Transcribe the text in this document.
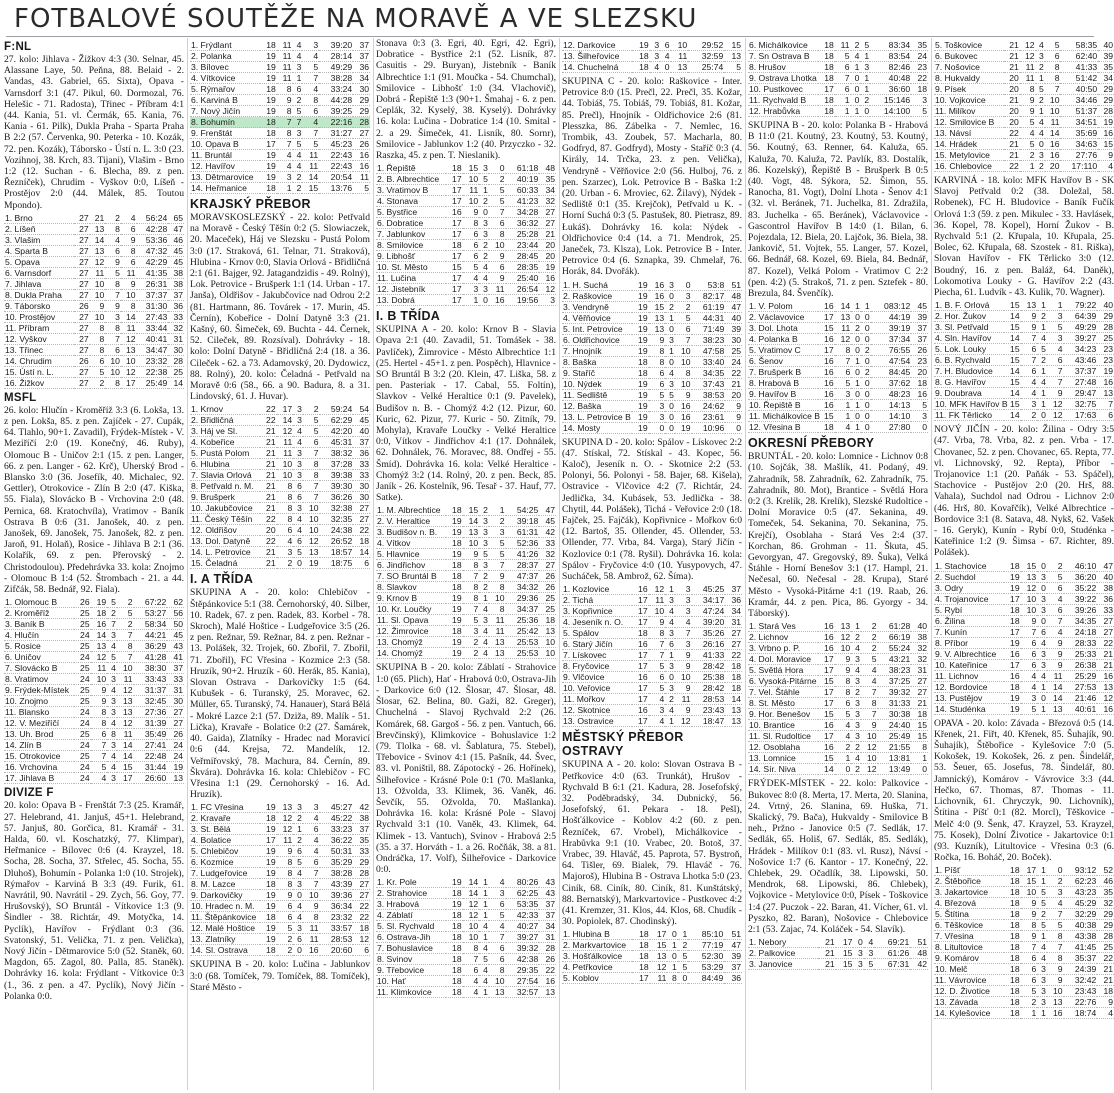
FOTBALOVÉ SOUTĚŽE NA MORAVĚ A VE SLEZSKU
F:NL

27. kolo: Jihlava - Žižkov 4:3 (30. Selnar, 45. Alassane Laye, 50. Peňna, 88. Belaid - 2. Vandas, 43. Gabriel, 65. Sixta), Opava - Varnsdorf 3:1 (47. Pikul, 60. Dormozal, 76. Helešic - 71. Radosta), Třinec - Příbram 4:1 (44. Kania, 51. vl. Čermák, 65. Kania, 76. Kania - 61. Pilk), Dukla Praha - Sparta Praha B 2:2 (57. Červenka, 90. Peterka - 10. Kozák, 72. pen. Kozák), Táborsko - Ústí n. L. 3:0 (23. Vozihnoj, 38. Krch, 83. Tijani), Vlašim - Brno 1:2 (12. Suchan - 6. Blecha, 89. z pen. Řezníček), Chrudim - Vyškov 0:0, Líšeň - Prostějov 2:0 (44. Málek, 85. Toutou Mpondo).

1. Brno	27	21	2	4	56:24	65
2. Líšeň	27	13	8	6	42:28	47
3. Vlašim	27	14	4	9	53:36	46
4. Sparta B	27	13	6	8	47:32	45
5. Opava	27	12	9	6	42:29	45
6. Varnsdorf	27	11	5	11	41:35	38
7. Jihlava	27	10	8	9	26:31	38
8. Dukla Praha	27	10	7	10	37:37	37
9. Táborsko	26	9	9	8	31:30	36
10. Prostějov	27	10	3	14	27:43	33
11. Příbram	27	8	8	11	33:44	32
12. Vyškov	27	8	7	12	40:41	31
13. Třinec	27	8	6	13	34:47	30
14. Chrudim	26	6	10	10	23:32	28
15. Ústí n. L.	27	5	10	12	22:38	25
16. Žižkov	27	2	8	17	25:49	14
MSFL

26. kolo: Hlučín - Kroměříž 3:3 (6. Lokša, 13. z pen. Lokša, 85. z pen. Zajíček - 27. Cupák, 64. Tlahlo, 90+1. Zavadil), Frýdek-Místek - V. Meziříčí 2:0 (19. Konečný, 46. Ruby), Olomouc B - Uničov 2:1 (15. z pen. Langer, 66. z pen. Langer - 62. Krč), Uherský Brod - Blansko 3:0 (36. Josefík, 40. Michalec, 92. Gettler), Otrokovice - Zlín B 2:0 (47. Kiška, 55. Fiala), Slovácko B - Vrchovina 2:0 (48. Pernica, 68. Kratochvíla), Vratimov - Baník Ostrava B 0:6 (31. Janošek, 40. z pen. Janošek, 69. Janošek, 75. Janošek, 82. z pen. Jaroň, 91. Holaň), Rosice - Jihlava B 2:1 (36. Kolařík, 69. z pen. Přerovský - 2. Christodoulou). Předehrávka 33. kola: Znojmo - Olomouc B 1:4 (52. Štrombach - 21. a 44. Zifčák, 58. Bednář, 92. Fiala).

1. Olomouc B	26	19	5	2	67:22	62
2. Kroměříž	25	18	2	5	53:27	56
3. Baník B	25	16	7	2	58:34	50
4. Hlučín	24	14	3	7	44:21	45
5. Rosice	25	13	4	8	36:29	43
6. Uničov	24	12	5	7	41:28	41
7. Slovácko B	25	11	4	10	38:30	37
8. Vratimov	24	10	3	11	33:43	33
9. Frýdek-Místek	25	9	4	12	31:37	31
10. Znojmo	25	9	3	13	32:45	30
11. Blansko	24	8	3	13	27:36	27
12. V. Meziříčí	24	8	4	12	31:39	27
13. Uh. Brod	25	6	8	11	35:49	26
14. Zlín B	24	7	3	14	27:41	24
15. Otrokovice	25	7	4	14	22:48	24
16. Vrchovina	24	5	4	15	31:44	19
17. Jihlava B	24	4	3	17	26:60	13
DIVIZE F

20. kolo: Opava B - Frenštát 7:3 (25. Kramář, 27. Helebrand, 41. Janjuš, 45+1. Helebrand, 57. Janjuš, 80. Gorčica, 81. Kramář - 31. Halda, 60. vl. Koschatzký, 77. Klimpar), Heřmanice - Bílovec 0:6 (4. Krayzel, 18. Socha, 28. Socha, 37. Střelec, 45. Socha, 55. Dluhoš), Bohumín - Polanka 1:0 (10. Strojek), Rýmařov - Karviná B 3:3 (49. Furik, 61. Navrátil, 90. Navrátil - 29. Zych, 56. Goy, 77. Hrušovský), SO Bruntál - Vítkovice 1:3 (9. Šindler - 38. Richtár, 49. Motyčka, 14. Pyclík), Havířov - Frýdlant 0:3 (36. Svatonský, 51. Velička, 71. z pen. Velička), Nový Jičín - Dětmarovice 5:0 (52. Staněk, 60. Magdon, 65. Zagol, 80. Palla, 85. Staněk). Dohrávky 16. kola: Frýdlant - Vítkovice 0:3 (1., 36. z pen. a 47. Pyclík), Nový Jičín - Polanka 0:0.

1. Frýdlant	18	11	4	3	39:20	37
2. Polanka	19	11	4	4	28:14	37
3. Bílovec	19	11	3	5	49:29	36
4. Vítkovice	19	11	1	7	38:28	34
5. Rýmařov	18	8	6	4	33:24	30
6. Karviná B	19	9	2	8	44:28	29
7. Nový Jičín	19	8	5	6	39:25	29
8. Bohumín	18	7	7	4	22:16	28
9. Frenštát	18	8	3	7	31:27	27
10. Opava B	17	7	5	5	45:23	26
11. Bruntál	19	4	4	11	22:43	16
12. Havířov	19	4	4	11	22:43	16
13. Dětmarovice	19	3	2	14	20:54	11
14. Heřmanice	18	1	2	15	13:76	5
KRAJSKÝ PŘEBOR

MORAVSKOSLEZSKÝ - 22. kolo: Petřvald na Moravě - Český Těšín 0:2 (5. Slowiaczek, 20. Maceček), Háj ve Slezsku - Pustá Polom 3:0 (17. Straková, 61. Telnar, 71. Straková), Hlubina - Krnov 0:0, Slavia Orlová - Břidličná 2:1 (61. Bajger, 92. Jatagandzidis - 49. Rolný), Lok. Petrovice - Brušperk 1:1 (14. Urban - 17. Janša), Oldřišov - Jakubčovice nad Odrou 2:2 (81. Hartmann, 86. Továrek - 17. Murin, 45. Černín), Kobeřice - Dolní Datyně 3:3 (21. Kašný, 60. Šimeček, 69. Buchta - 44. Černek, 52. Cileček, 89. Rozsíval). Dohrávky - 18. kolo: Dolní Datyně - Břidličná 2:4 (18. a 36. Cileček - 62. a 73. Adamovský, 20. Dydowicz, 88. Rolný), 20. kolo: Čeladná - Petřvald na Moravě 0:6 (58., 66. a 90. Badura, 8. a 31. Lindovský, 61. J. Huvar).

1. Krnov	22	17	3	2	59:24	54
2. Břidličná	22	14	3	5	62:29	45
3. Háj ve Sl.	21	12	4	5	42:20	40
4. Kobeřice	21	11	4	6	45:31	37
5. Pustá Polom	21	11	3	7	38:32	36
6. Hlubina	21	10	3	8	37:28	33
7. Slavia Orlová	21	10	3	8	39:38	33
8. Petřvald n. M.	21	8	6	7	39:30	30
9. Brušperk	21	8	6	7	36:26	30
10. Jakubčovice	21	8	3	10	32:38	27
11. Český Těšín	22	8	4	10	32:35	27
12. Oldřišov	20	6	4	10	24:38	22
13. Dol. Datyně	22	4	6	12	26:52	18
14. L. Petrovice	21	3	5	13	18:57	14
15. Čeladná	21	2	0	19	18:75	6
I. A TŘÍDA

SKUPINA A - 20. kolo: Chlebičov - Štěpánkovice 5:1 (38. Černohorský, 40. Silber, 10. Radek, 67. z pen. Radek, 83. Korbel - 78. Skroch), Malé Hoštice - Ludgeřovice 3:5 (26. z pen. Režnar, 59. Režnar, 84. z pen. Režnar - 13. Polášek, 32. Trojek, 60. Zbořil, 7. Zbořil, 71. Zbořil), FC Vřesina - Kozmice 2:3 (58. Hruzík, 90+2. Hruzík - 60. Herák, 85. Kania), Slovan Ostrava - Darkovičky 1:5 (64. Kubušek - 6. Turanský, 25. Moravec, 62. Müller, 65. Turanský, 74. Hanauer), Stará Bělá - Mokré Lazce 2:1 (57. Dziža, 89. Malík - 51. Lička), Kravaře - Bolatice 0:2 (27. Šamárek, 40. Gaida), Zlatníky - Hradec nad Moravicí 0:6 (44. Krejsa, 72. Mandelík, 12. Veřmiřovský, 78. Machura, 84. Černín, 89. Škvára). Dohrávka 16. kola: Chlebičov - FC Vřesina 1:1 (29. Černohorský - 16. Ad. Hruzík).

1. FC Vřesina	19	13	3	3	45:27	42
2. Kravaře	18	12	2	4	45:22	38
3. St. Bělá	19	12	1	6	33:23	37
4. Bolatice	17	11	2	4	36:22	35
5. Chlebičov	19	9	6	4	50:31	33
6. Kozmice	19	8	5	6	35:29	29
7. Ludgeřovice	19	8	4	7	38:28	28
8. M. Lazce	18	8	3	7	43:39	27
9. Darkovičky	19	9	0	10	39:36	27
10. Hradec n. M.	19	6	4	9	36:34	22
11. Štěpánkovice	18	6	4	8	23:32	22
12. Malé Hoštice	19	5	3	11	33:57	18
13. Zlatníky	19	2	6	11	28:53	12
14. Sl. Ostrava	18	2	0	16	20:60	6

SKUPINA B - 20. kolo: Lučina - Jablunkov 3:0 (68. Tomíček, 79. Tomíček, 88. Tomíček), Staré Město -

Stonava 0:3 (3. Egri, 40. Egri, 42. Egri), Dobratice - Bystřice 2:1 (52. Lisník, 87. Casuitis - 29. Buryan), Jistebník - Baník Albrechtice 1:1 (91. Moučka - 54. Chumchal), Smilovice - Libhošť 1:0 (34. Vlachovič), Dobrá - Řepiště 1:3 (90+1. Šmahaj - 6. z pen. Ceplák, 32. Kyselý, 38. Kyselý). Dohrávky 16. kola: Lučina - Dobratice 1:4 (10. Smital - 2. a 29. Šimeček, 41. Lisník, 80. Sornr), Smilovice - Jablunkov 1:2 (40. Przyczko - 32. Raszka, 45. z pen. T. Nieslanik).

1. Řepiště	18	15	3	0	61:18	48
2. B. Albrechtice	17	10	5	2	40:19	35
3. Vratimov B	17	11	1	5	60:33	34
4. Stonava	17	10	2	5	41:23	32
5. Bystřice	16	9	0	7	34:28	27
6. Dobratice	17	8	3	6	36:32	27
7. Jablunkov	17	6	3	8	25:28	21
8. Smilovice	18	6	2	10	23:44	20
9. Libhošť	17	6	2	9	28:45	20
10. St. Město	15	5	4	6	28:35	19
11. Lučina	17	4	4	9	25:40	16
12. Jistebník	17	3	3	11	26:54	12
13. Dobrá	17	1	0	16	19:56	3
I. B TŘÍDA

SKUPINA A - 20. kolo: Krnov B - Slavia Opava 2:1 (40. Zavadil, 51. Tomášek - 38. Pavlíček), Žimrovice - Město Albrechtice 1:1 (25. Hertel - 45+1. z pen. Pospěch), Hlavnice - SO Bruntál B 3:2 (20. Klein, 47. Liška, 58. z pen. Pasteriak - 17. Cabal, 55. Foltín), Slavkov - Velké Heraltice 0:1 (9. Pavelek), Budišov n. B. - Chomýž 4:2 (12. Pizur, 60. Kuric, 62. Pizur, 77. Kuric - 50. Zitník, 79. Mohyla), Kravaře Loučky - Velké Heraltice 0:0, Vítkov - Jindřichov 4:1 (17. Dohnálek, 62. Dohnálek, 76. Moravec, 88. Ondřej - 55. Šmíd). Dohrávka 16. kola: Velké Heraltice - Chomýž 3:2 (14. Rolný, 20. z pen. Beck, 85. Janík - 26. Kostelník, 96. Tesař - 37. Hauf, 77. Satke).

1. M. Albrechtice	18	15	2	1	54:25	47
2. V. Heraltice	19	14	3	2	39:18	45
3. Budišov n. B.	19	13	3	3	61:31	42
4. Vítkov	18	10	3	5	52:36	33
5. Hlavnice	19	9	5	5	41:26	32
6. Jindřichov	18	8	3	7	28:37	27
7. SO Bruntál B	18	7	2	9	47:37	26
8. Slavkov	18	8	2	8	34:32	26
9. Krnov B	19	8	1	10	29:36	25
10. Kr. Loučky	19	7	4	8	34:37	25
11. Sl. Opava	19	5	3	11	25:36	18
12. Žimrovice	18	3	4	11	25:42	13
13. Chomýž	19	2	4	13	25:53	10
14. Chomýž	19	2	4	13	25:53	10

SKUPINA B - 20. kolo: Záblatí - Strahovice 1:0 (65. Plich), Hať - Hrabová 0:0, Ostrava-Jih - Darkovice 6:0 (12. Šlosar, 47. Šlosar, 48. Šlosar, 62. Belina, 80. Gaži, 82. Greger), Chuchelná - Slavoj Rychvald 2:2 (26. Komárek, 68. Gargoš - 56. z pen. Vantuch, 66. Brevčinský), Klimkovice - Bohuslavice 1:2 (79. Tlolka - 68. vl. Šablatura, 75. Stebel), Třebovice - Svinov 4:1 (15. Pašník, 44. Švec, 83. vl. Poništil, 88. Zápotocký - 26. Hořínek), Šilheřovice - Krásné Pole 0:1 (70. Mašlanka, 13. Ožvolda, 33. Klimek, 36. Vaněk, 46. Ševčík, 55. Ožvolda, 70. Mašlanka). Dohrávka 16. kola: Krásné Pole - Slavoj Rychvald 3:1 (10. Vaněk, 43. Klimek, 64. Klimek - 13. Vantuch), Svinov - Hrabová 2:5 (35. a 37. Horváth - 1. a 26. Ročňák, 38. a 81. Ondráčka, 17. Volf), Šilheřovice - Darkovice 0:0.

1. Kr. Pole	19	14	1	4	80:26	43
2. Strahovice	18	14	1	3	62:25	43
3. Hrabová	19	12	1	6	53:35	37
4. Záblatí	18	12	1	5	42:33	37
5. Sl. Rychvald	18	10	4	4	40:27	34
6. Ostrava-Jih	18	10	1	7	39:27	31
7. Bohuslavice	18	8	4	6	39:32	28
8. Svinov	18	7	5	6	42:38	26
9. Třebovice	18	6	4	8	29:35	22
10. Hať	18	4	4	10	27:54	16
11. Klimkovice	18	4	1	13	32:57	13
12. Darkovice	19	3	6	10	29:52	15
13. Šilheřovice	18	3	4	11	32:59	13
14. Chuchelná	18	4	0	13	25:74	5

SKUPINA C - 20. kolo: Raškovice - Inter. Petrovice 8:0 (15. Prečl, 22. Prečl, 35. Kožar, 44. Tobiáš, 75. Tobiáš, 79. Tobiáš, 81. Kožar, 85. Prečl), Hnojník - Oldřichovice 2:6 (81. Plesszka, 86. Zábelka - 7. Nemlec, 16. Trombik, 43. Zoubek, 57. Macharla, 80. Godfryd, 87. Godfryd), Mosty - Staříč 0:3 (4. Király, 14. Trčka, 23. z pen. Velička), Vendryně - Věřňovice 2:0 (56. Hulboj, 76. z pen. Szarzec), Lok. Petrovice B - Baška 1:2 (20. Urban - 6. Mroviec, 62. Žilavý), Nýdek - Sedliště 0:1 (35. Krejčok), Petřvald u K. - Horní Suchá 0:3 (5. Pastušek, 80. Pietrasz, 89. Łukáš). Dohrávky 16. kola: Nýdek - Oldřichovice 0:4 (14. a 71. Mendrok, 25. Janeček, 73. Klsza), Lok. Petrovice B - Inter. Petrovice 0:4 (6. Sznapka, 39. Chmelař, 76. Horák, 84. Dvořák).

1. H. Suchá	19	16	3	0	53:8	51
2. Raškovice	19	16	0	3	82:17	48
3. Vendryně	19	15	2	2	61:19	47
4. Věřňovice	19	13	1	5	44:31	40
5. Int. Petrovice	19	13	0	6	71:49	39
6. Oldřichovice	19	9	3	7	38:23	30
7. Hnojník	19	8	1	10	47:58	25
8. Baška	18	8	0	10	33:40	24
9. Staříč	18	6	4	8	34:35	22
10. Nýdek	19	6	3	10	37:43	21
11. Sedliště	19	5	5	9	38:53	20
12. Baška	19	3	0	16	24:62	9
13. L. Petrovice B	19	3	0	16	23:61	9
14. Mosty	19	0	0	19	10:96	0

SKUPINA D - 20. kolo: Spálov - Lískovec 2:2 (47. Stískal, 72. Stískal - 43. Kopec, 56. Kaloč), Jeseník n. O. - Skotnice 2:2 (53. Polonyi, 56. Polonyi - 58. Bajer, 68. Kišela), Ostravice - Vlčovice 4:2 (7. Richtár, 24. Jedlička, 34. Kubásek, 53. Jedlička - 38. Chytil, 44. Polášek), Tichá - Veřovice 2:0 (18. Fajček, 25. Fajčák), Kopřivnice - Mořkov 6:0 (12. Bartoš, 35. Ollender, 45. Ollender, 53. Ollender, 77. Vrba, 84. Varga), Starý Jičín - Kozlovice 0:1 (78. Ryšil). Dohrávka 16. kola: Spálov - Fryčovice 4:0 (10. Yusypovych, 47. Sucháček, 58. Ambrož, 62. Šíma).

1. Kozlovice	16	12	1	3	45:25	37
2. Tichá	17	11	3	3	34:17	36
3. Kopřivnice	17	10	4	3	47:24	34
4. Jeseník n. O.	17	9	4	4	39:20	31
5. Spálov	18	8	3	7	35:26	27
6. Starý Jičín	16	7	6	3	26:16	27
7. Lískovec	17	7	1	9	41:33	22
8. Fryčovice	17	5	3	9	28:42	18
9. Vlčovice	16	6	0	10	25:38	18
10. Veřovice	17	5	3	9	28:42	18
11. Mořkov	17	4	2	11	28:53	14
12. Skotnice	16	3	4	9	23:43	13
13. Ostravice	17	4	1	12	18:47	13
MĚSTSKÝ PŘEBOR OSTRAVY

SKUPINA A - 20. kolo: Slovan Ostrava B - Petřkovice 4:0 (63. Trunkát), Hrušov - Rychvald B 6:1 (21. Kadura, 28. Josefofský, 32. Poděbradský, 34. Dubnický, 56. Josefofský, 61. Pekara - 18. Pešl), Hošťálkovice - Koblov 4:2 (60. z pen. Řezníček, 67. Vrobel), Michálkovice - Hrabůvka 9:1 (10. Vrabec, 20. Botoš, 37. Vrabec, 39. Hlaváč, 45. Paprota, 57. Bystroň, 64. Tišler, 69. Bialek, 79. Hlaváč - 76. Majoroš), Hlubina B - Ostrava Lhotka 5:0 (23. Ciník, 68. Ciník, 80. Ciník, 81. Kunštátský, 88. Bernatský), Markvartovice - Pustkovec 4:2 (41. Kremzer, 31. Klos, 44. Klos, 68. Chudík - 30. Popiolek, 87. Chodinský).

1. Hlubina B	18	17	0	1	85:10	51
2. Markvartovice	18	15	1	2	77:19	47
3. Hošťálkovice	18	13	0	5	52:30	39
4. Petřkovice	18	12	1	5	53:29	37
5. Koblov	17	11	8	0	84:49	36
6. Michálkovice	18	11	2	5	83:34	35
7. Sn Ostrava B	18	5	4	1	83:54	24
8. Hrušov	18	6	1	3	82:46	23
9. Ostrava Lhotka	18	7	0	1	40:48	22
10. Pustkovec	17	6	0	1	36:60	18
11. Rychvald B	18	1	0	2	15:146	3
12. Hrabůvka	18	1	1	0	14:100	5

SKUPINA B - 20. kolo: Polanka B - Hrabová B 11:0 (21. Koutný, 23. Koutný, 53. Koutný, 56. Koutný, 63. Renner, 64. Kaluža, 65. Kaluža, 70. Kaluža, 72. Pavlík, 83. Dostalík, 86. Kozelský), Řepiště B - Brušperk B 0:5 (40. Vogt, 48. Sýkora, 52. Šimon, 55. Ranocha, 81. Vogt), Dolní Lhota - Šenov 4:1 (32. vl. Beránek, 71. Juchelka, 81. Zdražila, 83. Juchelka - 65. Beránek), Václavovice - Gascontrol Havířov B 14:0 (1. Bilan, 6. Pojezdala, 12. Biela, 20. Lajčok, 36. Biela, 38. Jankovič, 51. Vojtek, 55. Langer, 57. Kozel, 66. Bednář, 68. Kozel, 69. Biela, 84. Bednář, 87. Kozel), Velká Polom - Vratimov C 2:2 (pen. 4:2) (5. Strakoš, 71. z pen. Sztefek - 80. Brezula, 84. Švenčík).

1. V. Polom	16	14	1	1	083:12	45
2. Václavovice	17	13	0	0	44:19	39
3. Dol. Lhota	15	11	2	0	39:19	37
4. Polanka B	16	12	0	0	37:34	37
5. Vratimov C	17	8	0	2	76:55	26
6. Šenov	16	7	1	0	47:54	23
7. Brušperk B	16	6	0	2	84:45	20
8. Hrabová B	16	5	1	0	37:62	18
9. Havířov B	16	3	0	0	48:23	16
10. Řepiště B	16	1	1	0	14:13	5
11. Michálkovice B	15	1	0	0	14:10	3
12. Vřesina B	18	4	1	0	27:80	0
OKRESNÍ PŘEBORY

BRUNTÁL - 20. kolo: Lomnice - Lichnov 0:8 (10. Sojčák, 38. Mašlík, 41. Podaný, 49. Zahradník, 58. Zahradník, 62. Zahradník, 75. Zahradník, 80. Mot), Brantice - Světlá Hora 0:2 (3. Krelík, 28. Krelík), Slezské Rudoltice - Dolní Moravice 0:5 (47. Sekanina, 49. Tomeček, 54. Sekanina, 70. Sekanina, 75. Krejčí), Osoblaha - Stará Ves 2:4 (37. Korchan, 86. Grohman - 11. Škuta, 45. Gevorgyan, 47. Gregovský, 89. Šuka), Velká Štáhle - Horní Benešov 3:1 (17. Hampl, 21. Nečesal, 60. Nečesal - 28. Krupa), Staré Město - Vysoká-Pitárne 4:1 (19. Raab, 26. Kramár, 44. z pen. Pica, 86. Gyorgy - 34. Táborský).

1. Stará Ves	16	13	1	2	61:28	40
2. Lichnov	16	12	2	2	66:19	38
3. Vrbno p. P.	16	10	4	2	55:24	32
4. Dol. Moravice	17	9	3	5	43:21	32
5. Světlá Hora	17	9	4	4	38:23	31
6. Vysoká-Pitárne	15	8	3	4	37:25	27
7. Vel. Štáhle	17	8	2	7	39:32	27
8. St. Město	17	6	3	8	31:33	21
9. Hor. Benešov	15	5	3	7	30:38	18
10. Brantice	16	4	3	9	24:40	15
11. Sl. Rudoltice	17	4	3	10	25:49	15
12. Osoblaha	16	2	2	12	21:55	8
13. Lomnice	15	1	4	10	13:81	1
14. Sír. Niva	14	0	2	12	13:49	0

FRÝDEK-MÍSTEK - 22. kolo: Palkovice - Bukovec 8:0 (8. Merta, 17. Merta, 20. Slanina, 24. Vrtný, 26. Slanina, 69. Huška, 71. Skalický, 79. Bača), Hukvaldy - Smilovice B neh., Pržno - Janovice 0:5 (7. Sedlák, 17. Sedlák, 65. Holiš, 67. Sedlák, 85. Sedlák), Hrádek - Milíkov 0:1 (83. vl. Rusz), Návsí - Nošovice 1:7 (6. Kantor - 17. Konečný, 22. Chlebek, 29. Očadlík, 38. Lipowski, 50. Mendrok, 68. Lipowski, 86. Chlebek), Vojkovice - Metylovice 0:0, Písek - Toškovice 1:4 (27. Puczok - 22. Baran, 41. Vícher, 61. vl. Pyszko, 82. Baran), Nošovice - Chlebovice 2:1 (53. Zajac, 74. Koláček - 54. Slavík).

1. Nebory	21	17	0	4	69:21	51
2. Palkovice	21	15	3	3	61:26	48
3. Janovice	21	15	3	5	67:31	42
5. Toškovice	21	12	4	5	58:35	40
6. Bukovec	21	12	3	6	62:40	39
7. Nošovice	21	11	2	8	41:33	35
8. Hukvaldy	20	11	1	8	51:42	34
9. Písek	20	8	5	7	40:50	29
10. Vojkovice	21	9	2	10	34:46	29
11. Milíkov	20	9	1	10	51:37	28
12. Smilovice B	20	5	4	11	34:51	19
13. Návsí	22	4	4	14	35:69	16
14. Hrádek	21	5	0	16	34:63	15
15. Metylovice	21	2	3	16	27:76	9
16. Chlebovice	22	1	2	20	17:110	4

KARVINÁ - 18. kolo: MFK Havířov B - SK Slavoj Petřvald 0:2 (38. Doležal, 58. Robenek), FC H. Bludovice - Baník Fučík Orlová 1:3 (59. z pen. Mikulec - 33. Havlásek, 36. Kopel, 78. Kopel), Horní Žukov - B. Rychvald 5:1 (2. Křupala, 10. Křupala, 25. Bolec, 62. Křupala, 68. Szostek - 81. Riška), Slovan Havířov - FK Těrlicko 3:0 (12. Boudný, 16. z pen. Baláž, 64. Daněk), Lokomotiva Louky - G. Havířov 2:2 (43. Piecha, 61. Ludvík - 43. Kulik, 70. Wagner).

1. B. F. Orlová	15	13	1	1	79:22	40
2. Hor. Žukov	14	9	2	3	64:39	29
3. Sl. Petřvald	15	9	1	5	49:29	28
4. Sln. Havířov	14	7	4	3	39:27	25
5. Lok. Louky	15	6	5	4	34:23	23
6. B. Rychvald	15	7	2	6	43:46	23
7. H. Bludovice	14	6	1	7	37:37	19
8. G. Havířov	15	4	4	7	27:48	16
9. Doubrava	14	4	1	9	29:47	13
10. MFK Havířov B	15	3	1	12	32:75	7
11. FK Těrlicko	14	2	0	12	17:63	6

NOVÝ JIČÍN - 20. kolo: Žilina - Odry 3:5 (47. Vrba, 78. Vrba, 82. z pen. Vrba - 17. Chovanec, 52. z pen. Chovanec, 65. Repta, 77. vl. Lichnovský, 92. Repta), Příbor - Trojanovice 1:1 (20. Paňák - 53. Spáčel), Stachovice - Pustějov 2:0 (20. Hrš, 88. Vahala), Suchdol nad Odrou - Lichnov 2:0 (46. Hrš, 80. Kovařčík), Velké Albrechtice - Bordovice 3:1 (8. Satava, 48. Nykš, 62. Vašek - 16. Geryk), Kunín - Rybí 0:0, Studénka - Kateřinice 1:2 (9. Šimsa - 67. Richter, 89. Polášek).

1. Stachovice	18	15	0	2	46:10	47
2. Suchdol	19	13	3	5	36:20	40
3. Odry	19	12	0	6	35:22	38
4. Trojanovice	17	10	3	4	39:22	36
5. Rybí	18	10	3	6	39:26	33
6. Žilina	18	9	0	7	34:35	27
7. Kunín	17	7	6	4	24:18	27
8. Příbor	19	6	4	9	28:33	22
9. V. Albrechtice	16	6	3	9	25:33	21
10. Kateřinice	17	6	3	9	26:38	21
11. Lichnov	16	4	4	11	25:29	16
12. Bordovice	18	4	1	14	27:53	13
13. Pustějov	19	3	0	14	21:46	12
14. Studénka	19	5	1	13	40:61	16

OPAVA - 20. kolo: Závada - Březová 0:5 (14. Křenek, 21. Fiřt, 40. Křenek, 85. Šuhajík, 90. Šuhajík), Štěbořice - Kylešovice 7:0 (5. Kokošek, 19. Kokošek, 26. z pen. Šindelář, 53. Šeuer, 65. Josefus, 78. Šindelář, 80. Jamnický), Komárov - Vávrovice 3:3 (44. Hečko, 67. Thomas, 87. Thomas - 11. Lichovník, 61. Chryczyk, 90. Lichovník), Štítina - Píšť 0:1 (82. Morcl), Těškovice - Melč 4:0 (9. Šenk, 47. Krayzel, 53. Krayzel, 75. Kosek), Dolní Životice - Jakartovice 0:1 (93. Kuzník), Litultovice - Vřesina 0:3 (6. Ročka, 16. Boháč, 20. Boček).

1. Píšť	18	17	1	0	93:12	52
2. Štěbořice	18	15	1	2	62:23	46
3. Jakartovice	18	10	5	3	43:23	35
4. Březová	18	9	5	4	45:29	32
5. Štítina	18	9	2	7	32:29	29
6. Těškovice	18	8	5	5	40:38	29
7. Vřesina	18	9	1	8	43:38	28
8. Litultovice	18	7	4	7	41:45	25
9. Komárov	18	6	4	8	35:37	22
10. Melč	18	6	3	9	24:39	21
11. Vávrovice	18	6	3	9	32:42	21
12. D. Životice	18	5	3	10	23:43	18
13. Závada	18	2	3	13	22:76	9
14. Kylešovice	18	1	1	16	18:74	4
